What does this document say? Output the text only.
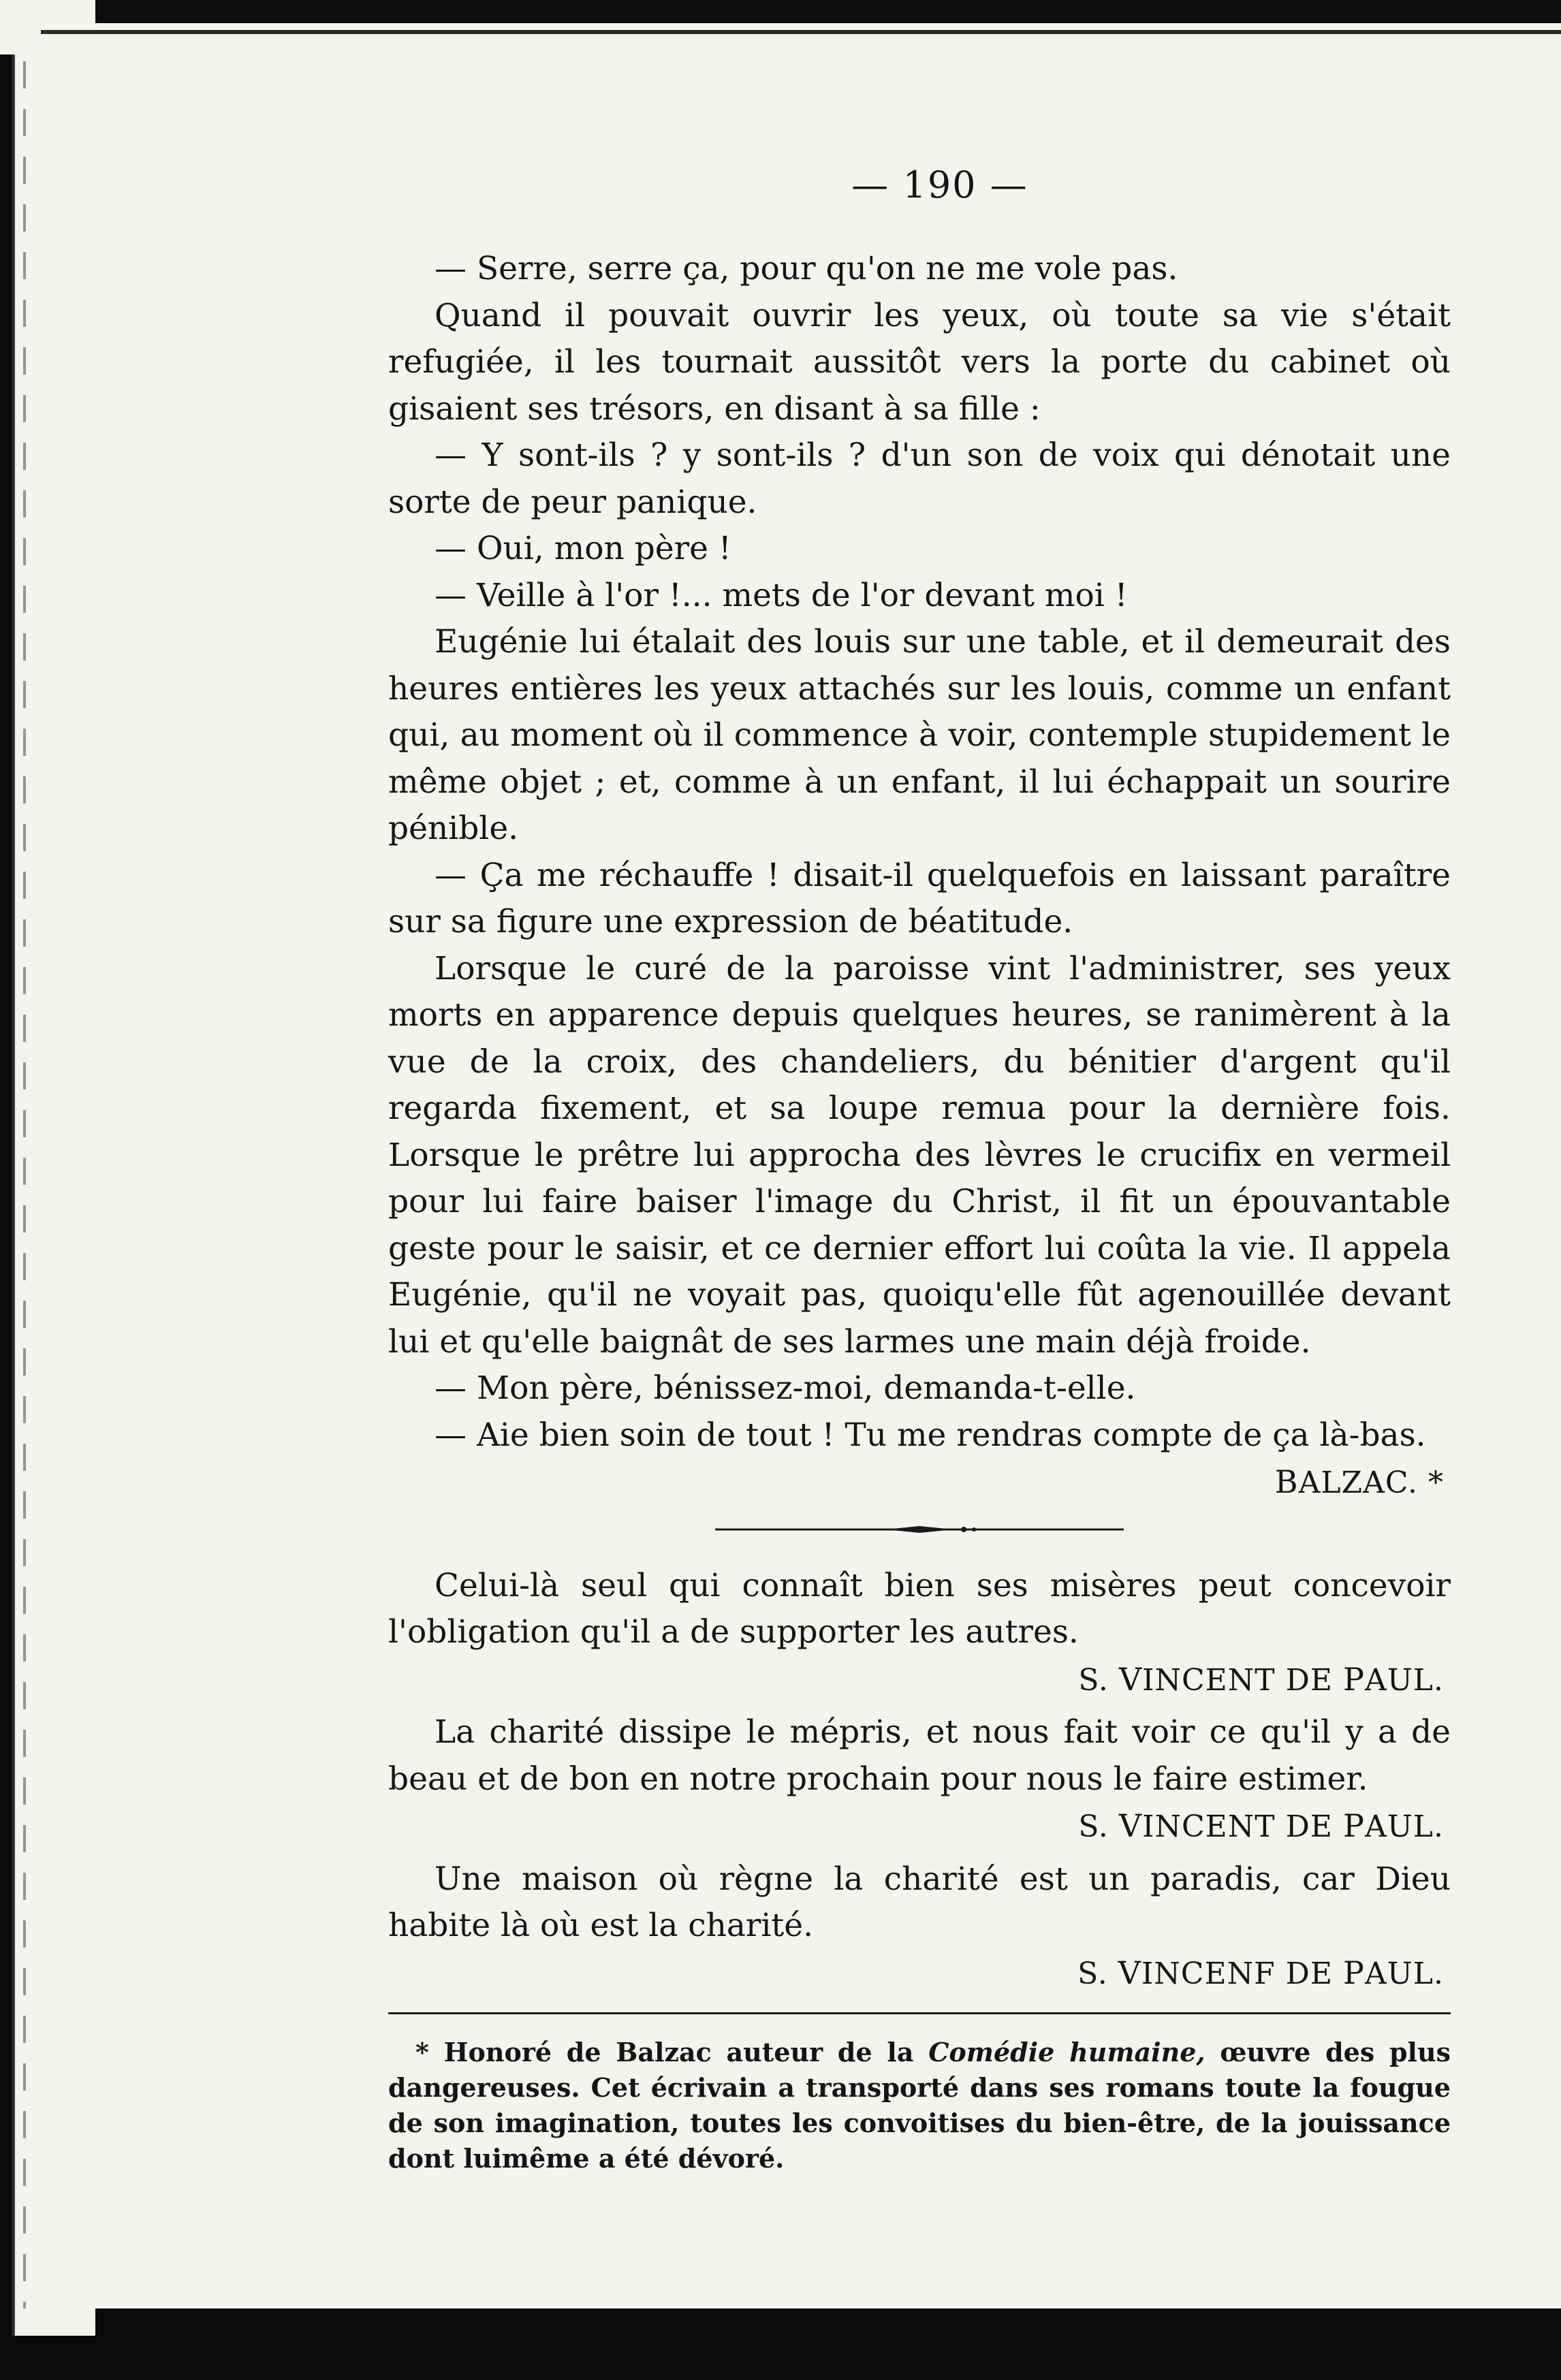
— 190 —

— Serre, serre ça, pour qu'on ne me vole pas.

Quand il pouvait ouvrir les yeux, où toute sa vie s'était refugiée, il les tournait aussitôt vers la porte du cabinet où gisaient ses trésors, en disant à sa fille :

— Y sont-ils ? y sont-ils ? d'un son de voix qui dénotait une sorte de peur panique.

— Oui, mon père !

— Veille à l'or !... mets de l'or devant moi !

Eugénie lui étalait des louis sur une table, et il demeurait des heures entières les yeux attachés sur les louis, comme un enfant qui, au moment où il commence à voir, contemple stupidement le même objet ; et, comme à un enfant, il lui échappait un sourire pénible.

— Ça me réchauffe ! disait-il quelquefois en laissant paraître sur sa figure une expression de béatitude.

Lorsque le curé de la paroisse vint l'administrer, ses yeux morts en apparence depuis quelques heures, se ranimèrent à la vue de la croix, des chandeliers, du bénitier d'argent qu'il regarda fixement, et sa loupe remua pour la dernière fois. Lorsque le prêtre lui approcha des lèvres le crucifix en vermeil pour lui faire baiser l'image du Christ, il fit un épouvantable geste pour le saisir, et ce dernier effort lui coûta la vie. Il appela Eugénie, qu'il ne voyait pas, quoiqu'elle fût agenouillée devant lui et qu'elle baignât de ses larmes une main déjà froide.

— Mon père, bénissez-moi, demanda-t-elle.

— Aie bien soin de tout ! Tu me rendras compte de ça là-bas.

BALZAC. *

Celui-là seul qui connaît bien ses misères peut concevoir l'obligation qu'il a de supporter les autres.

S. VINCENT DE PAUL.

La charité dissipe le mépris, et nous fait voir ce qu'il y a de beau et de bon en notre prochain pour nous le faire estimer.

S. VINCENT DE PAUL.

Une maison où règne la charité est un paradis, car Dieu habite là où est la charité.

S. VINCENF DE PAUL.

* Honoré de Balzac auteur de la Comédie humaine, œuvre des plus dangereuses. Cet écrivain a transporté dans ses romans toute la fougue de son imagination, toutes les convoitises du bien-être, de la jouissance dont luimême a été dévoré.
